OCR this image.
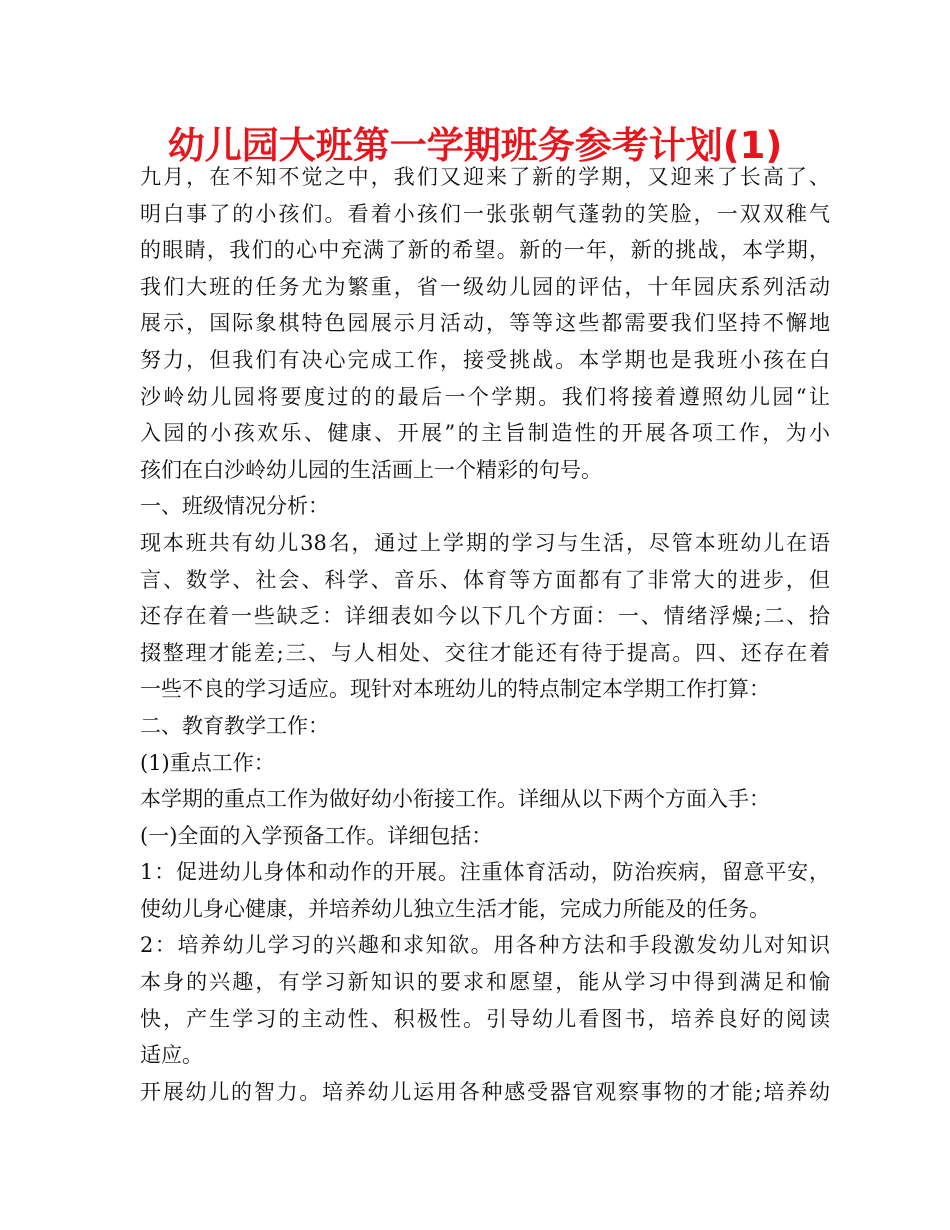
幼儿园大班第一学期班务参考计划(1)
九月，在不知不觉之中，我们又迎来了新的学期，又迎来了长高了、
明白事了的小孩们。看着小孩们一张张朝气蓬勃的笑脸，一双双稚气
的眼睛，我们的心中充满了新的希望。新的一年，新的挑战，本学期，
我们大班的任务尤为繁重，省一级幼儿园的评估，十年园庆系列活动
展示，国际象棋特色园展示月活动，等等这些都需要我们坚持不懈地
努力，但我们有决心完成工作，接受挑战。本学期也是我班小孩在白
沙岭幼儿园将要度过的的最后一个学期。我们将接着遵照幼儿园“让
入园的小孩欢乐、健康、开展”的主旨制造性的开展各项工作，为小
孩们在白沙岭幼儿园的生活画上一个精彩的句号。
一、班级情况分析：
现本班共有幼儿38名，通过上学期的学习与生活，尽管本班幼儿在语
言、数学、社会、科学、音乐、体育等方面都有了非常大的进步，但
还存在着一些缺乏：详细表如今以下几个方面：一、情绪浮燥;二、拾
掇整理才能差;三、与人相处、交往才能还有待于提高。四、还存在着
一些不良的学习适应。现针对本班幼儿的特点制定本学期工作打算：
二、教育教学工作：
(1)重点工作：
本学期的重点工作为做好幼小衔接工作。详细从以下两个方面入手：
(一)全面的入学预备工作。详细包括：
1：促进幼儿身体和动作的开展。注重体育活动，防治疾病，留意平安，
使幼儿身心健康，并培养幼儿独立生活才能，完成力所能及的任务。
2：培养幼儿学习的兴趣和求知欲。用各种方法和手段激发幼儿对知识
本身的兴趣，有学习新知识的要求和愿望，能从学习中得到满足和愉
快，产生学习的主动性、积极性。引导幼儿看图书，培养良好的阅读
适应。
开展幼儿的智力。培养幼儿运用各种感受器官观察事物的才能;培养幼
